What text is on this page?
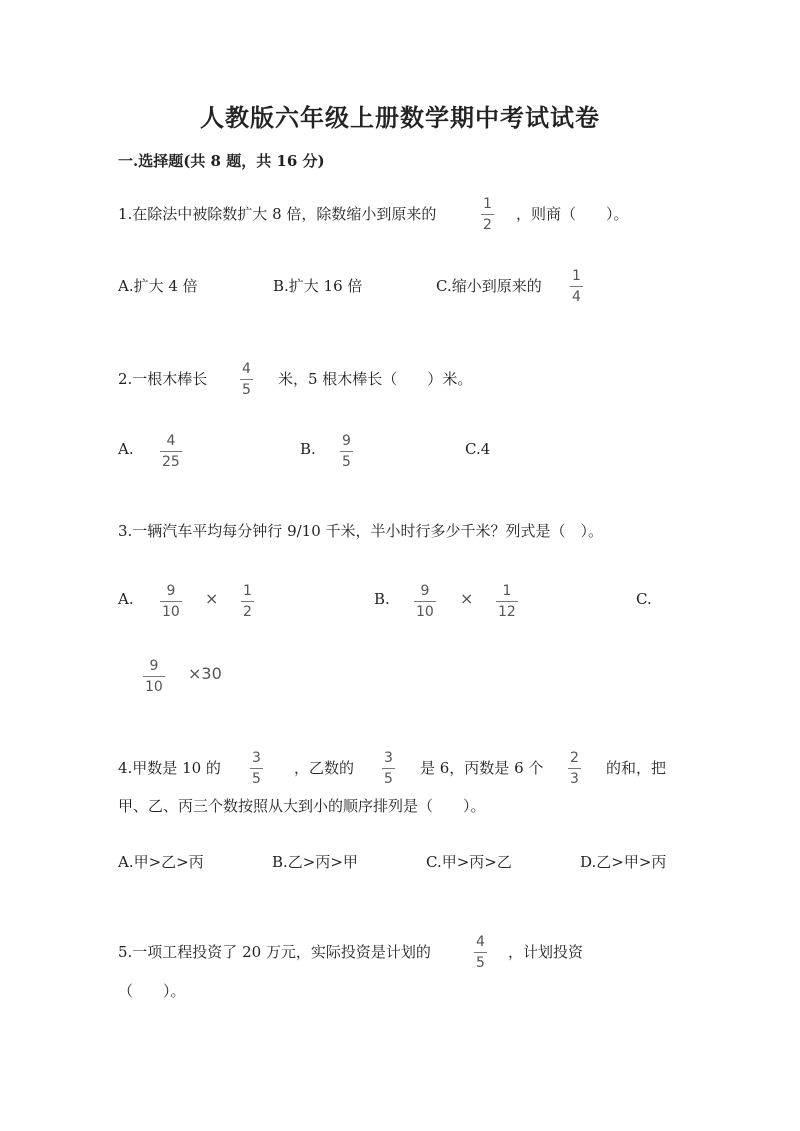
人教版六年级上册数学期中考试试卷
一.选择题(共 8 题，共 16 分)
1.在除法中被除数扩大 8 倍，除数缩小到原来的	$\frac{1}{2}$ ，则商（　　）。
A.扩大 4 倍	B.扩大 16 倍	C.缩小到原来的 $\frac{1}{4}$
2.一根木棒长 $\frac{4}{5}$ 米，5 根木棒长（　　）米。
A. $\frac{4}{25}$	B. $\frac{9}{5}$	C.4
3.一辆汽车平均每分钟行 9/10 千米，半小时行多少千米？列式是（　）。
A. $\frac{9}{10} \times \frac{1}{2}$	B. $\frac{9}{10} \times \frac{1}{12}$	C.
$\frac{9}{10} \times 30$
4.甲数是 10 的 $\frac{3}{5}$ ，乙数的 $\frac{3}{5}$ 是 6，丙数是 6 个 $\frac{2}{3}$ 的和，把
甲、乙、丙三个数按照从大到小的顺序排列是（　　）。
A.甲>乙>丙	B.乙>丙>甲	C.甲>丙>乙	D.乙>甲>丙
5.一项工程投资了 20 万元，实际投资是计划的	$\frac{4}{5}$ ，计划投资
（　　）。
